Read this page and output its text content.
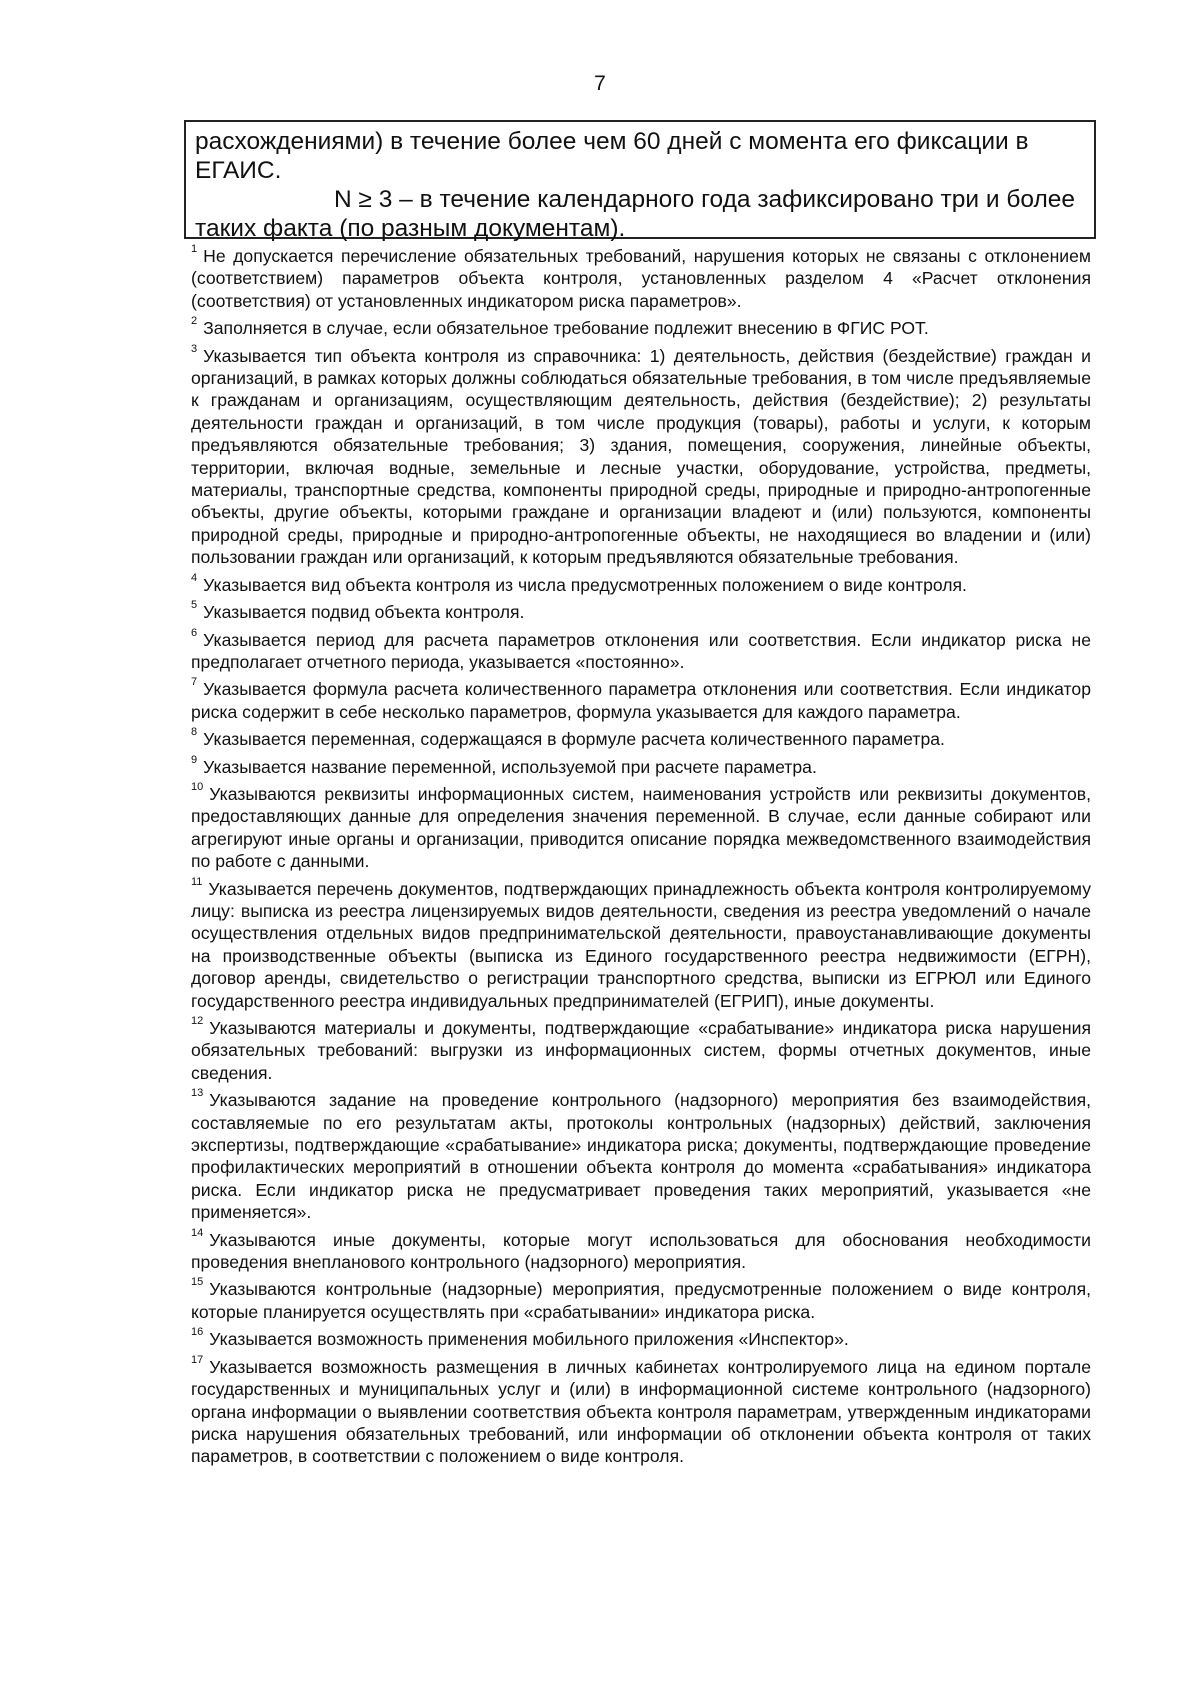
7

расхождениями) в течение более чем 60 дней с момента его фиксации в ЕГАИС.

N ≥ 3 – в течение календарного года зафиксировано три и более таких факта (по разным документам).

$^1$ Не допускается перечисление обязательных требований, нарушения которых не связаны с отклонением (соответствием) параметров объекта контроля, установленных разделом 4 «Расчет отклонения (соответствия) от установленных индикатором риска параметров».

$^2$ Заполняется в случае, если обязательное требование подлежит внесению в ФГИС РОТ.

$^3$ Указывается тип объекта контроля из справочника: 1) деятельность, действия (бездействие) граждан и организаций, в рамках которых должны соблюдаться обязательные требования, в том числе предъявляемые к гражданам и организациям, осуществляющим деятельность, действия (бездействие); 2) результаты деятельности граждан и организаций, в том числе продукция (товары), работы и услуги, к которым предъявляются обязательные требования; 3) здания, помещения, сооружения, линейные объекты, территории, включая водные, земельные и лесные участки, оборудование, устройства, предметы, материалы, транспортные средства, компоненты природной среды, природные и природно-антропогенные объекты, другие объекты, которыми граждане и организации владеют и (или) пользуются, компоненты природной среды, природные и природно-антропогенные объекты, не находящиеся во владении и (или) пользовании граждан или организаций, к которым предъявляются обязательные требования.

$^4$ Указывается вид объекта контроля из числа предусмотренных положением о виде контроля.

$^5$ Указывается подвид объекта контроля.

$^6$ Указывается период для расчета параметров отклонения или соответствия. Если индикатор риска не предполагает отчетного периода, указывается «постоянно».

$^7$ Указывается формула расчета количественного параметра отклонения или соответствия. Если индикатор риска содержит в себе несколько параметров, формула указывается для каждого параметра.

$^8$ Указывается переменная, содержащаяся в формуле расчета количественного параметра.

$^9$ Указывается название переменной, используемой при расчете параметра.

$^{10}$ Указываются реквизиты информационных систем, наименования устройств или реквизиты документов, предоставляющих данные для определения значения переменной. В случае, если данные собирают или агрегируют иные органы и организации, приводится описание порядка межведомственного взаимодействия по работе с данными.

$^{11}$ Указывается перечень документов, подтверждающих принадлежность объекта контроля контролируемому лицу: выписка из реестра лицензируемых видов деятельности, сведения из реестра уведомлений о начале осуществления отдельных видов предпринимательской деятельности, правоустанавливающие документы на производственные объекты (выписка из Единого государственного реестра недвижимости (ЕГРН), договор аренды, свидетельство о регистрации транспортного средства, выписки из ЕГРЮЛ или Единого государственного реестра индивидуальных предпринимателей (ЕГРИП), иные документы.

$^{12}$ Указываются материалы и документы, подтверждающие «срабатывание» индикатора риска нарушения обязательных требований: выгрузки из информационных систем, формы отчетных документов, иные сведения.

$^{13}$ Указываются задание на проведение контрольного (надзорного) мероприятия без взаимодействия, составляемые по его результатам акты, протоколы контрольных (надзорных) действий, заключения экспертизы, подтверждающие «срабатывание» индикатора риска; документы, подтверждающие проведение профилактических мероприятий в отношении объекта контроля до момента «срабатывания» индикатора риска. Если индикатор риска не предусматривает проведения таких мероприятий, указывается «не применяется».

$^{14}$ Указываются иные документы, которые могут использоваться для обоснования необходимости проведения внепланового контрольного (надзорного) мероприятия.

$^{15}$ Указываются контрольные (надзорные) мероприятия, предусмотренные положением о виде контроля, которые планируется осуществлять при «срабатывании» индикатора риска.

$^{16}$ Указывается возможность применения мобильного приложения «Инспектор».

$^{17}$ Указывается возможность размещения в личных кабинетах контролируемого лица на едином портале государственных и муниципальных услуг и (или) в информационной системе контрольного (надзорного) органа информации о выявлении соответствия объекта контроля параметрам, утвержденным индикаторами риска нарушения обязательных требований, или информации об отклонении объекта контроля от таких параметров, в соответствии с положением о виде контроля.
